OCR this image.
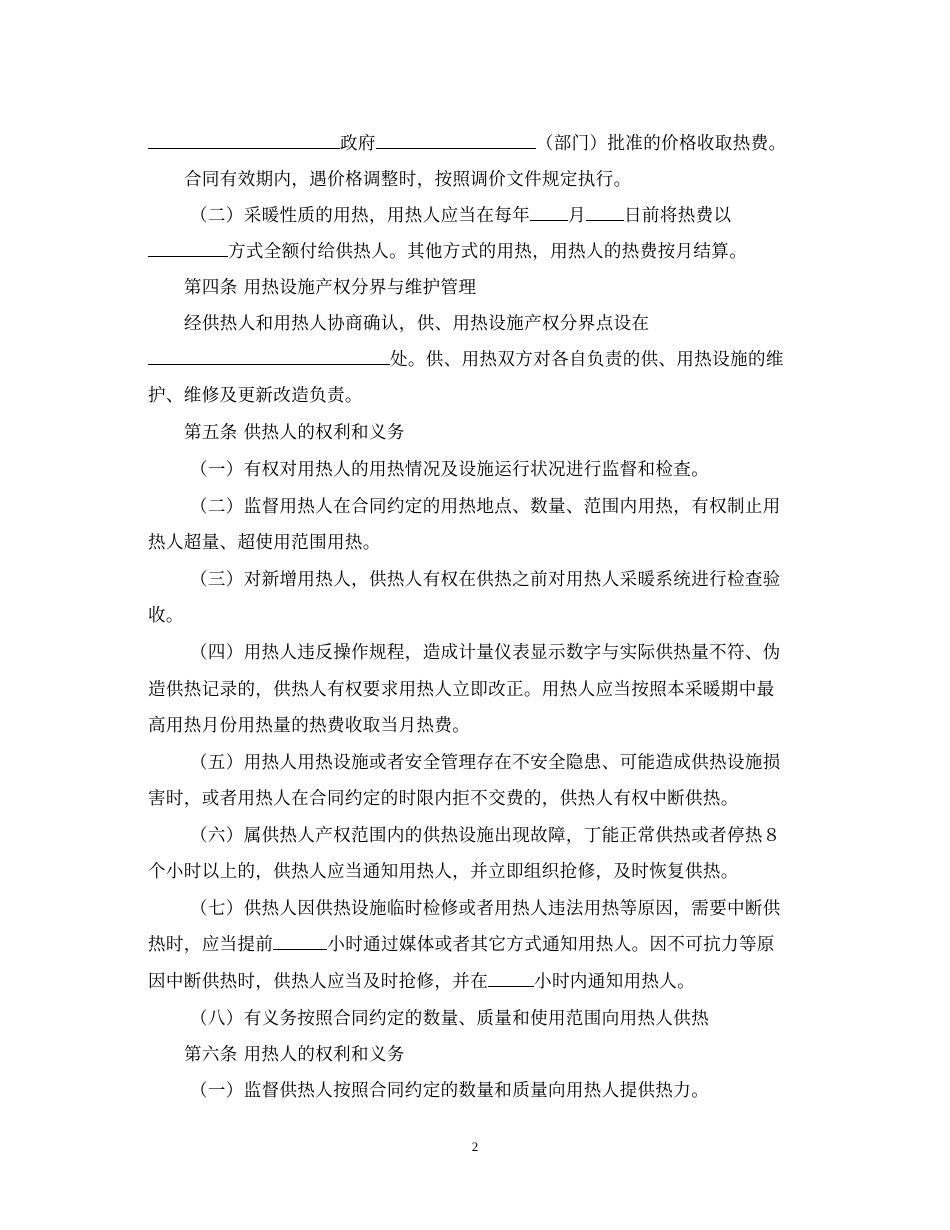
政府	（部门）批准的价格收取热费。
合同有效期内，遇价格调整时，按照调价文件规定执行。
（二）采暖性质的用热，用热人应当在每年 月 日前将热费以
方式全额付给供热人。其他方式的用热，用热人的热费按月结算。
第四条 用热设施产权分界与维护管理
经供热人和用热人协商确认，供、用热设施产权分界点设在
处。供、用热双方对各自负责的供、用热设施的维
护、维修及更新改造负责。
第五条 供热人的权利和义务
（一）有权对用热人的用热情况及设施运行状况进行监督和检查。
（二）监督用热人在合同约定的用热地点、数量、范围内用热，有权制止用
热人超量、超使用范围用热。
（三）对新增用热人，供热人有权在供热之前对用热人采暖系统进行检查验
收。
（四）用热人违反操作规程，造成计量仪表显示数字与实际供热量不符、伪
造供热记录的，供热人有权要求用热人立即改正。用热人应当按照本采暖期中最
高用热月份用热量的热费收取当月热费。
（五）用热人用热设施或者安全管理存在不安全隐患、可能造成供热设施损
害时，或者用热人在合同约定的时限内拒不交费的，供热人有权中断供热。
（六）属供热人产权范围内的供热设施出现故障，丁能正常供热或者停热８
个小时以上的，供热人应当通知用热人，并立即组织抢修，及时恢复供热。
（七）供热人因供热设施临时检修或者用热人违法用热等原因，需要中断供
热时，应当提前	小时通过媒体或者其它方式通知用热人。因不可抗力等原
因中断供热时，供热人应当及时抢修，并在	小时内通知用热人。
（八）有义务按照合同约定的数量、质量和使用范围向用热人供热
第六条 用热人的权利和义务
（一）监督供热人按照合同约定的数量和质量向用热人提供热力。
2
